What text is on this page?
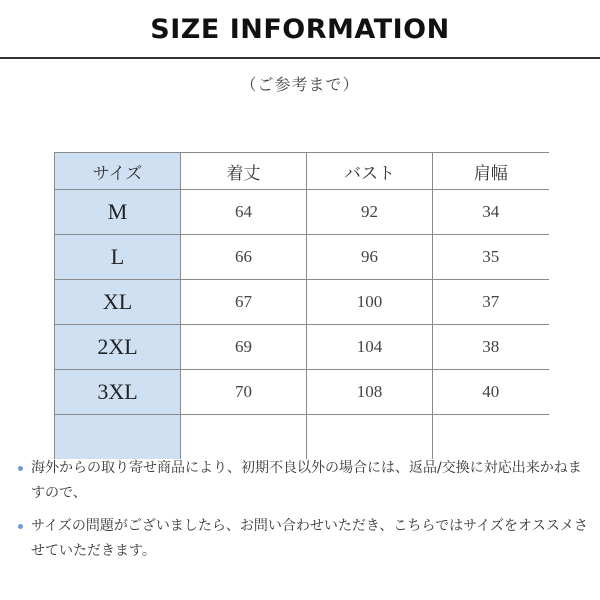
SIZE INFORMATION
（ご参考まで）
サイズ	着丈	バスト	肩幅
M	64	92	34
L	66	96	35
XL	67	100	37
2XL	69	104	38
3XL	70	108	40

海外からの取り寄せ商品により、初期不良以外の場合には、返品/交換に対応出来かねますので、
サイズの問題がございましたら、お問い合わせいただき、こちらではサイズをオススメさせていただきます。
